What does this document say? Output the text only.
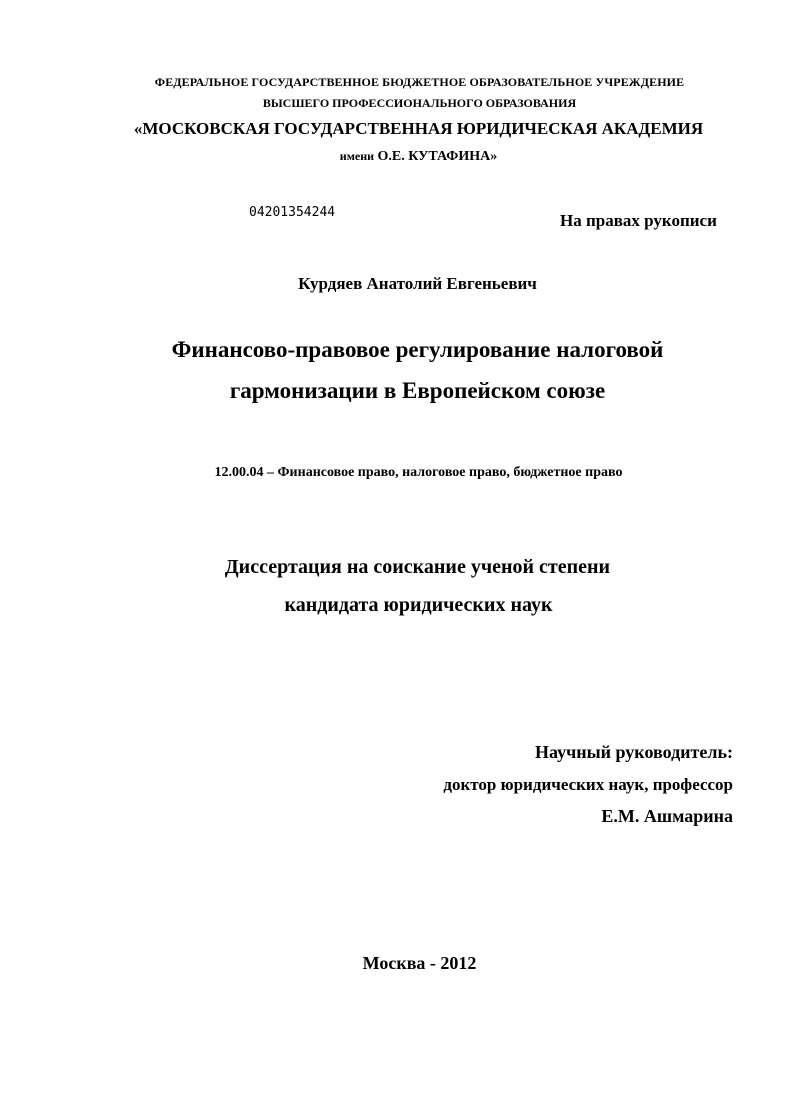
ФЕДЕРАЛЬНОЕ ГОСУДАРСТВЕННОЕ БЮДЖЕТНОЕ ОБРАЗОВАТЕЛЬНОЕ УЧРЕЖДЕНИЕ
ВЫСШЕГО ПРОФЕССИОНАЛЬНОГО ОБРАЗОВАНИЯ
«МОСКОВСКАЯ ГОСУДАРСТВЕННАЯ ЮРИДИЧЕСКАЯ АКАДЕМИЯ
имени О.Е. КУТАФИНА»
04201354244	На правах рукописи
Курдяев Анатолий Евгеньевич
Финансово-правовое регулирование налоговой
гармонизации в Европейском союзе
12.00.04 – Финансовое право, налоговое право, бюджетное право
Диссертация на соискание ученой степени
кандидата юридических наук
Научный руководитель:
доктор юридических наук, профессор
Е.М. Ашмарина
Москва - 2012
